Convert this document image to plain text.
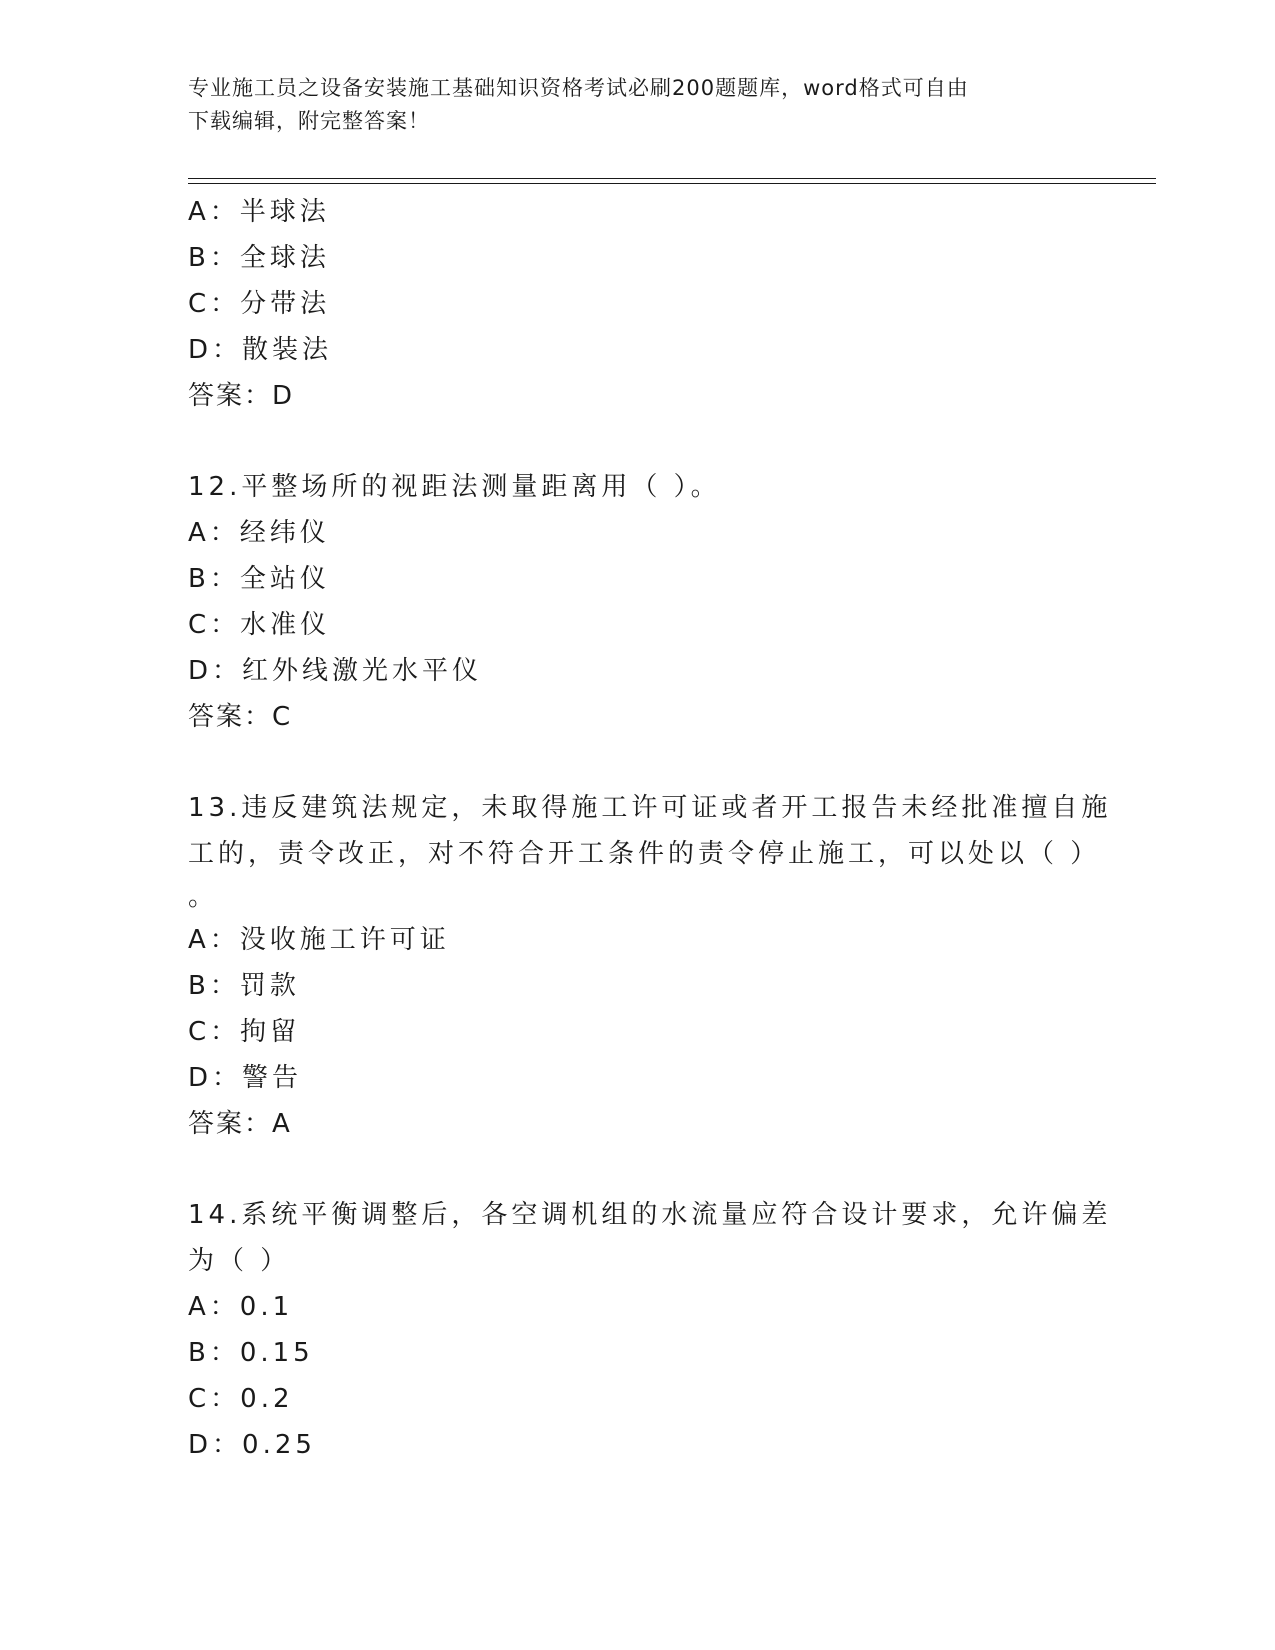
专业施工员之设备安装施工基础知识资格考试必刷200题题库，word格式可自由
下载编辑，附完整答案！
A：半球法
B：全球法
C：分带法
D：散装法
答案：D
12.平整场所的视距法测量距离用（ ）。
A：经纬仪
B：全站仪
C：水准仪
D：红外线激光水平仪
答案：C
13.违反建筑法规定，未取得施工许可证或者开工报告未经批准擅自施
工的，责令改正，对不符合开工条件的责令停止施工，可以处以（ ）
。
A：没收施工许可证
B：罚款
C：拘留
D：警告
答案：A
14.系统平衡调整后，各空调机组的水流量应符合设计要求，允许偏差
为（ ）
A：0.1
B：0.15
C：0.2
D：0.25
